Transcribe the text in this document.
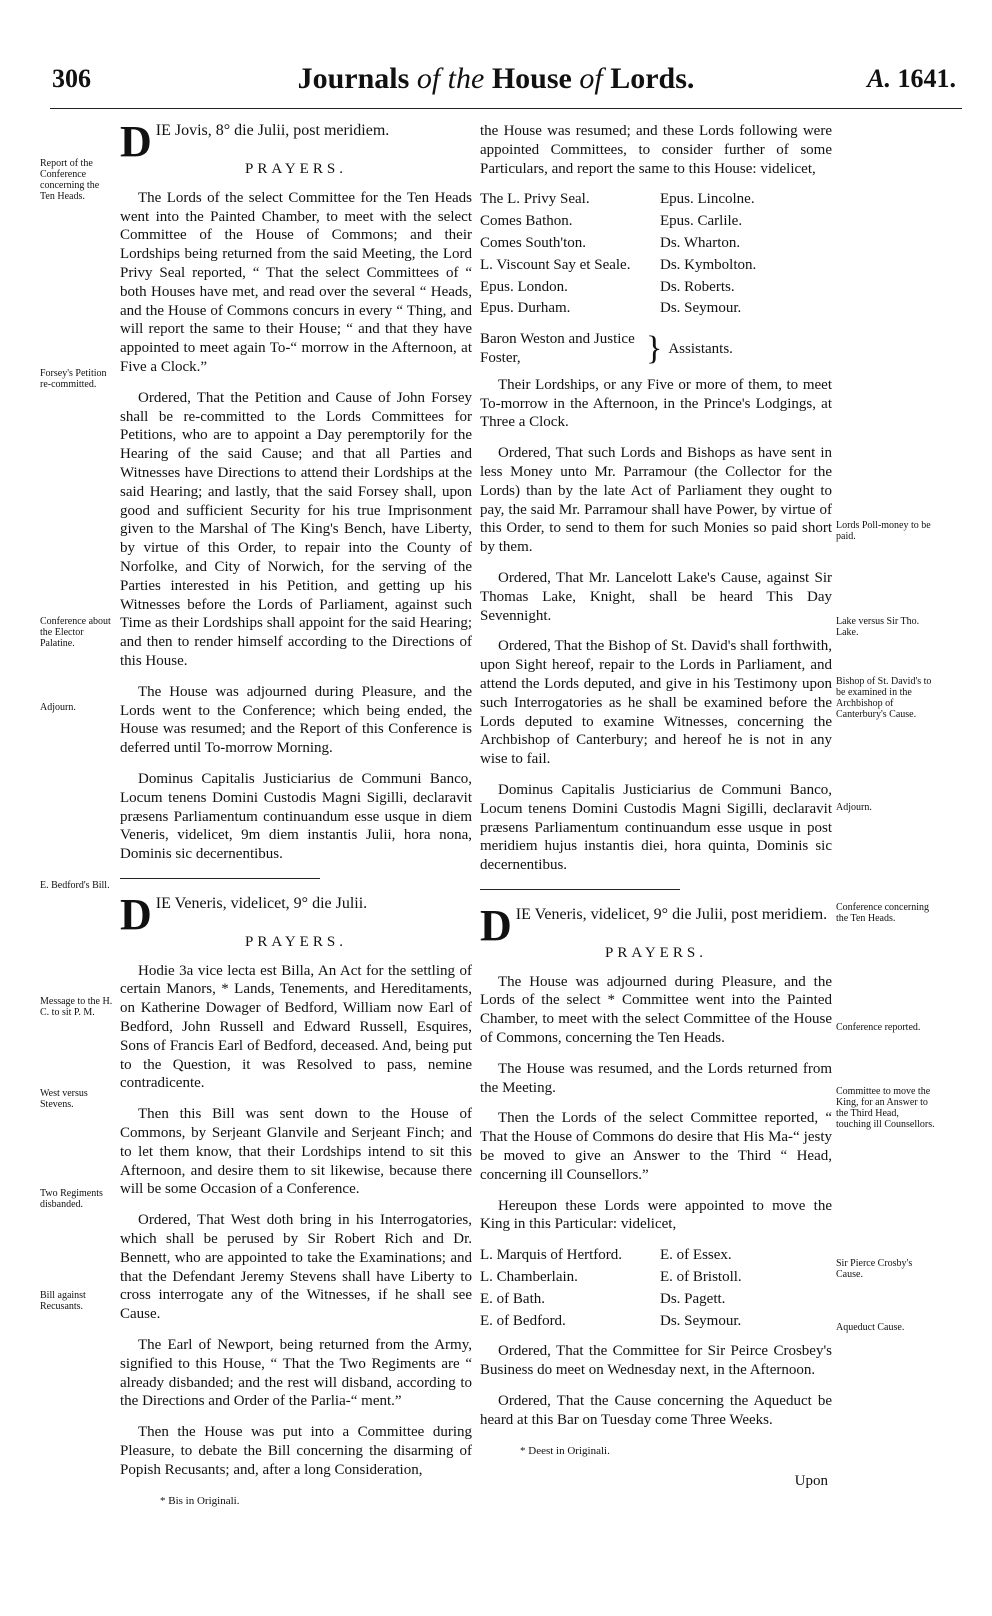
306	Journals of the House of Lords.	A. 1641.
Report of the Conference concerning the Ten Heads.
Forsey's Petition re-committed.
Conference about the Elector Palatine.
Adjourn.
E. Bedford's Bill.
Message to the H. C. to sit P. M.
West versus Stevens.
Two Regiments disbanded.
Bill against Recusants.
D IE Jovis, 8° die Julii, post meridiem.
PRAYERS.

The Lords of the select Committee for the Ten Heads went into the Painted Chamber, to meet with the select Committee of the House of Commons; and their Lordships being returned from the said Meeting, the Lord Privy Seal reported, “ That the select Committees of “ both Houses have met, and read over the several “ Heads, and the House of Commons concurs in every “ Thing, and will report the same to their House; “ and that they have appointed to meet again To-“ morrow in the Afternoon, at Five a Clock.”

Ordered, That the Petition and Cause of John Forsey shall be re-committed to the Lords Committees for Petitions, who are to appoint a Day peremptorily for the Hearing of the said Cause; and that all Parties and Witnesses have Directions to attend their Lordships at the said Hearing; and lastly, that the said Forsey shall, upon good and sufficient Security for his true Imprisonment given to the Marshal of The King's Bench, have Liberty, by virtue of this Order, to repair into the County of Norfolke, and City of Norwich, for the serving of the Parties interested in his Petition, and getting up his Witnesses before the Lords of Parliament, against such Time as their Lordships shall appoint for the said Hearing; and then to render himself according to the Directions of this House.

The House was adjourned during Pleasure, and the Lords went to the Conference; which being ended, the House was resumed; and the Report of this Conference is deferred until To-morrow Morning.

Dominus Capitalis Justiciarius de Communi Banco, Locum tenens Domini Custodis Magni Sigilli, declaravit præsens Parliamentum continuandum esse usque in diem Veneris, videlicet, 9m diem instantis Julii, hora nona, Dominis sic decernentibus.

D IE Veneris, videlicet, 9° die Julii.
PRAYERS.

Hodie 3a vice lecta est Billa, An Act for the settling of certain Manors, * Lands, Tenements, and Hereditaments, on Katherine Dowager of Bedford, William now Earl of Bedford, John Russell and Edward Russell, Esquires, Sons of Francis Earl of Bedford, deceased. And, being put to the Question, it was Resolved to pass, nemine contradicente.

Then this Bill was sent down to the House of Commons, by Serjeant Glanvile and Serjeant Finch; and to let them know, that their Lordships intend to sit this Afternoon, and desire them to sit likewise, because there will be some Occasion of a Conference.

Ordered, That West doth bring in his Interrogatories, which shall be perused by Sir Robert Rich and Dr. Bennett, who are appointed to take the Examinations; and that the Defendant Jeremy Stevens shall have Liberty to cross interrogate any of the Witnesses, if he shall see Cause.

The Earl of Newport, being returned from the Army, signified to this House, “ That the Two Regiments are “ already disbanded; and the rest will disband, according to the Directions and Order of the Parlia-“ ment.”

Then the House was put into a Committee during Pleasure, to debate the Bill concerning the disarming of Popish Recusants; and, after a long Consideration,

* Bis in Originali.

the House was resumed; and these Lords following were appointed Committees, to consider further of some Particulars, and report the same to this House: videlicet,

The L. Privy Seal.	Epus. Lincolne.
Comes Bathon.	Epus. Carlile.
Comes South'ton.	Ds. Wharton.
L. Viscount Say et Seale.	Ds. Kymbolton.
Epus. London.	Ds. Roberts.
Epus. Durham.	Ds. Seymour.
Baron Weston and Justice Foster,	} Assistants.

Their Lordships, or any Five or more of them, to meet To-morrow in the Afternoon, in the Prince's Lodgings, at Three a Clock.

Ordered, That such Lords and Bishops as have sent in less Money unto Mr. Parramour (the Collector for the Lords) than by the late Act of Parliament they ought to pay, the said Mr. Parramour shall have Power, by virtue of this Order, to send to them for such Monies so paid short by them.

Ordered, That Mr. Lancelott Lake's Cause, against Sir Thomas Lake, Knight, shall be heard This Day Sevennight.

Ordered, That the Bishop of St. David's shall forthwith, upon Sight hereof, repair to the Lords in Parliament, and attend the Lords deputed, and give in his Testimony upon such Interrogatories as he shall be examined before the Lords deputed to examine Witnesses, concerning the Archbishop of Canterbury; and hereof he is not in any wise to fail.

Dominus Capitalis Justiciarius de Communi Banco, Locum tenens Domini Custodis Magni Sigilli, declaravit præsens Parliamentum continuandum esse usque in post meridiem hujus instantis diei, hora quinta, Dominis sic decernentibus.

D IE Veneris, videlicet, 9° die Julii, post meridiem.
PRAYERS.

The House was adjourned during Pleasure, and the Lords of the select * Committee went into the Painted Chamber, to meet with the select Committee of the House of Commons, concerning the Ten Heads.

The House was resumed, and the Lords returned from the Meeting.

Then the Lords of the select Committee reported, “ That the House of Commons do desire that His Ma-“ jesty be moved to give an Answer to the Third “ Head, concerning ill Counsellors.”

Hereupon these Lords were appointed to move the King in this Particular: videlicet,

L. Marquis of Hertford.	E. of Essex.
L. Chamberlain.	E. of Bristoll.
E. of Bath.	Ds. Pagett.
E. of Bedford.	Ds. Seymour.

Ordered, That the Committee for Sir Peirce Crosbey's Business do meet on Wednesday next, in the Afternoon.

Ordered, That the Cause concerning the Aqueduct be heard at this Bar on Tuesday come Three Weeks.

* Deest in Originali.
Upon
Lords Poll-money to be paid.
Lake versus Sir Tho. Lake.
Bishop of St. David's to be examined in the Archbishop of Canterbury's Cause.
Adjourn.
Conference concerning the Ten Heads.
Conference reported.
Committee to move the King, for an Answer to the Third Head, touching ill Counsellors.
Sir Pierce Crosby's Cause.
Aqueduct Cause.
